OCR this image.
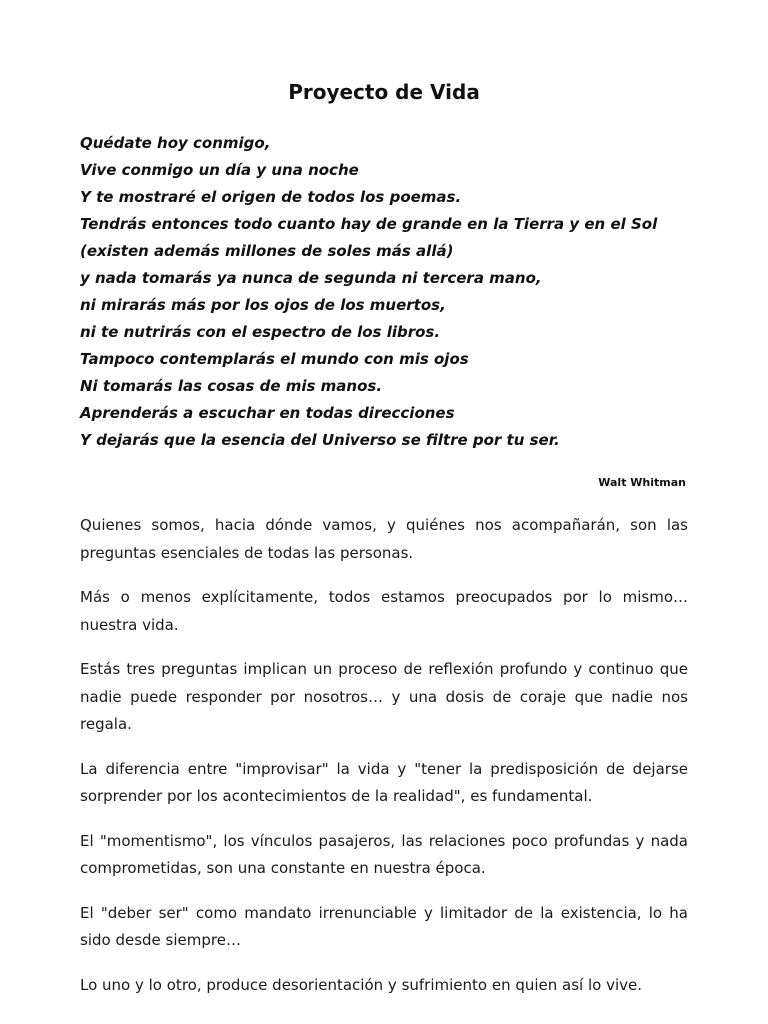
Proyecto de Vida
Quédate hoy conmigo,
Vive conmigo un día y una noche
Y te mostraré el origen de todos los poemas.
Tendrás entonces todo cuanto hay de grande en la Tierra y en el Sol
(existen además millones de soles más allá)
y nada tomarás ya nunca de segunda ni tercera mano,
ni mirarás más por los ojos de los muertos,
ni te nutrirás con el espectro de los libros.
Tampoco contemplarás el mundo con mis ojos
Ni tomarás las cosas de mis manos.
Aprenderás a escuchar en todas direcciones
Y dejarás que la esencia del Universo se filtre por tu ser.
Walt Whitman

Quienes somos, hacia dónde vamos, y quiénes nos acompañarán, son las preguntas esenciales de todas las personas.

Más o menos explícitamente, todos estamos preocupados por lo mismo… nuestra vida.

Estás tres preguntas implican un proceso de reflexión profundo y continuo que nadie puede responder por nosotros… y una dosis de coraje que nadie nos regala.

La diferencia entre "improvisar" la vida y "tener la predisposición de dejarse sorprender por los acontecimientos de la realidad", es fundamental.

El "momentismo", los vínculos pasajeros, las relaciones poco profundas y nada comprometidas, son una constante en nuestra época.

El "deber ser" como mandato irrenunciable y limitador de la existencia, lo ha sido desde siempre…

Lo uno y lo otro, produce desorientación y sufrimiento en quien así lo vive.
